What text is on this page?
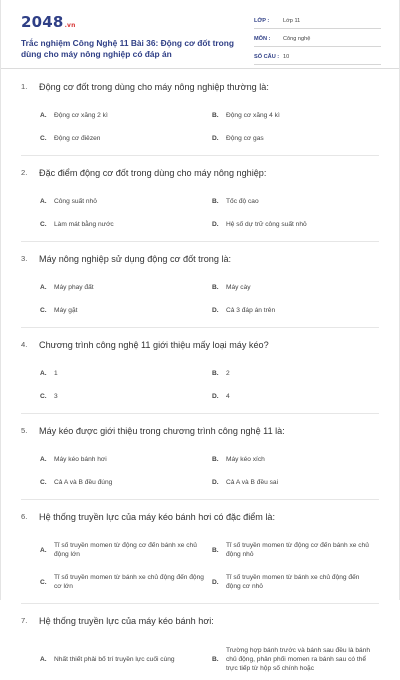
2048.vn
Trắc nghiệm Công Nghệ 11 Bài 36: Động cơ đốt trong dùng cho máy nông nghiệp có đáp án
LỚP :	Lớp 11
MÔN :	Công nghệ
SỐ CÂU : 10
1.	Động cơ đốt trong dùng cho máy nông nghiệp thường là:
A.	Động cơ xăng 2 kì	B.	Động cơ xăng 4 kì
C.	Động cơ điêzen	D.	Động cơ gas
2.	Đặc điểm động cơ đốt trong dùng cho máy nông nghiệp:
A.	Công suất nhỏ	B.	Tốc độ cao
C.	Làm mát bằng nước	D.	Hệ số dự trữ công suất nhỏ
3.	Máy nông nghiệp sử dụng động cơ đốt trong là:
A.	Máy phay đất	B.	Máy cày
C.	Máy gặt	D.	Cả 3 đáp án trên
4.	Chương trình công nghệ 11 giới thiệu mấy loại máy kéo?
A.	1	B.	2
C.	3	D.	4
5.	Máy kéo được giới thiệu trong chương trình công nghệ 11 là:
A.	Máy kéo bánh hơi	B.	Máy kéo xích
C.	Cả A và B đều đúng	D.	Cả A và B đều sai
6.	Hệ thống truyền lực của máy kéo bánh hơi có đặc điểm là:
A.
Tỉ số truyền momen từ động cơ đến bánh xe chủ động lớn
B.
Tỉ số truyền momen từ động cơ đến bánh xe chủ động nhỏ
C.
Tỉ số truyền momen từ bánh xe chủ động đến động cơ lớn
D.
Tỉ số truyền momen từ bánh xe chủ động đến động cơ nhỏ
7.	Hệ thống truyền lực của máy kéo bánh hơi:
A.	Nhất thiết phải bố trí truyền lực cuối cùng	B.
Trường hợp bánh trước và bánh sau đều là bánh chủ động, phân phối momen ra bánh sau có thể trực tiếp từ hộp số chính hoặc
